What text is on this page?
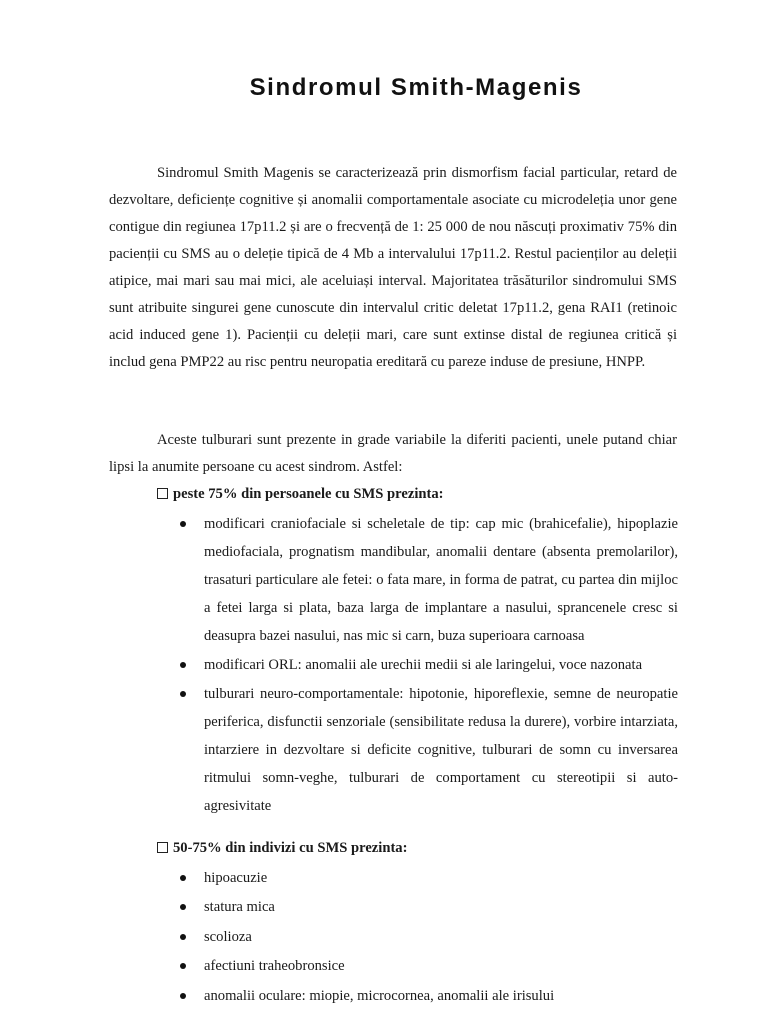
Sindromul Smith-Magenis

Sindromul Smith Magenis se caracterizează prin dismorfism facial particular, retard de dezvoltare, deficiențe cognitive și anomalii comportamentale asociate cu microdeleția unor gene contigue din regiunea 17p11.2 și are o frecvență de 1: 25 000 de nou născuți proximativ 75% din pacienții cu SMS au o deleție tipică de 4 Mb a intervalului 17p11.2. Restul pacienților au deleții atipice, mai mari sau mai mici, ale aceluiași interval. Majoritatea trăsăturilor sindromului SMS sunt atribuite singurei gene cunoscute din intervalul critic deletat 17p11.2, gena RAI1 (retinoic acid induced gene 1). Pacienții cu deleții mari, care sunt extinse distal de regiunea critică și includ gena PMP22 au risc pentru neuropatia ereditară cu pareze induse de presiune, HNPP.

Aceste tulburari sunt prezente in grade variabile la diferiti pacienti, unele putand chiar lipsi la anumite persoane cu acest sindrom. Astfel:

peste 75% din persoanele cu SMS prezinta:
modificari craniofaciale si scheletale de tip: cap mic (brahicefalie), hipoplazie mediofaciala, prognatism mandibular, anomalii dentare (absenta premolarilor), trasaturi particulare ale fetei: o fata mare, in forma de patrat, cu partea din mijloc a fetei larga si plata, baza larga de implantare a nasului, sprancenele cresc si deasupra bazei nasului, nas mic si carn, buza superioara carnoasa
modificari ORL: anomalii ale urechii medii si ale laringelui, voce nazonata
tulburari neuro-comportamentale: hipotonie, hiporeflexie, semne de neuropatie periferica, disfunctii senzoriale (sensibilitate redusa la durere), vorbire intarziata, intarziere in dezvoltare si deficite cognitive, tulburari de somn cu inversarea ritmului somn-veghe, tulburari de comportament cu stereotipii si auto-agresivitate
50-75% din indivizi cu SMS prezinta:
hipoacuzie
statura mica
scolioza
afectiuni traheobronsice
anomalii oculare: miopie, microcornea, anomalii ale irisului
